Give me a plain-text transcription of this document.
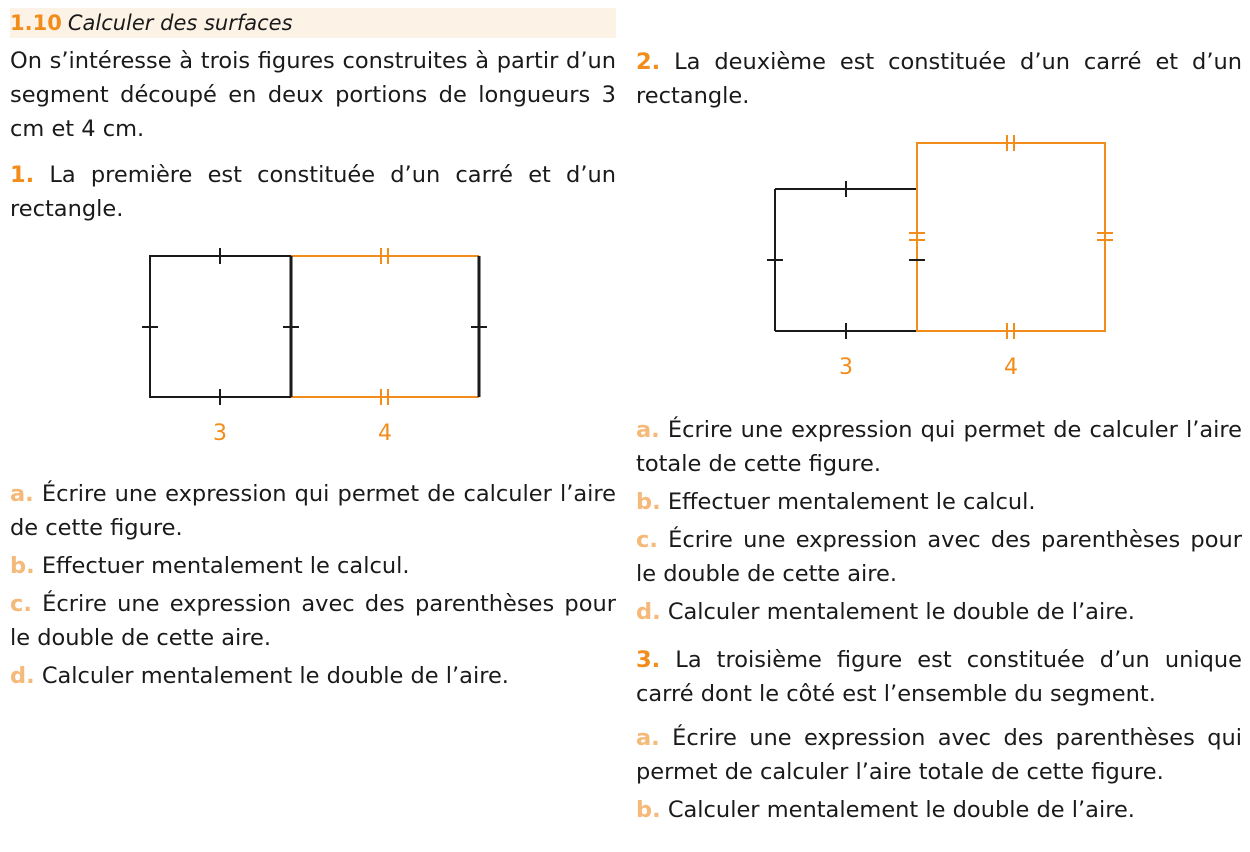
1.10 Calculer des surfaces

On s’intéresse à trois figures construites à partir d’un segment découpé en deux portions de longueurs 3 cm et 4 cm.

1. La première est constituée d’un carré et d’un rectangle.

3	4
3	4

a. Écrire une expression qui permet de calculer l’aire de cette figure.

b. Effectuer mentalement le calcul.

c. Écrire une expression avec des parenthèses pour le double de cette aire.

d. Calculer mentalement le double de l’aire.

2. La deuxième est constituée d’un carré et d’un rectangle.

a. Écrire une expression qui permet de calculer l’aire totale de cette figure.

b. Effectuer mentalement le calcul.

c. Écrire une expression avec des parenthèses pour le double de cette aire.

d. Calculer mentalement le double de l’aire.

3. La troisième figure est constituée d’un unique carré dont le côté est l’ensemble du segment.

a. Écrire une expression avec des parenthèses qui permet de calculer l’aire totale de cette figure.

b. Calculer mentalement le double de l’aire.
